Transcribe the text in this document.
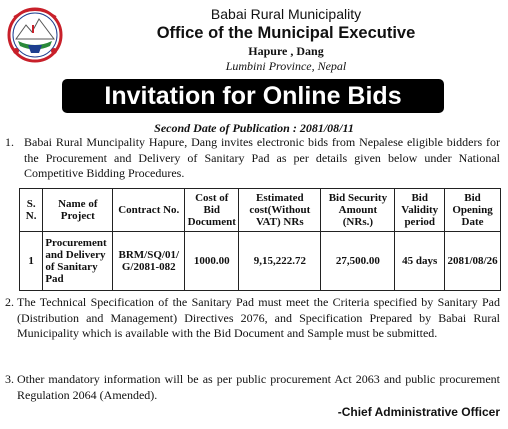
Babai Rural Municipality
Office of the Municipal Executive
Hapure , Dang
Lumbini Province, Nepal
Invitation for Online Bids
Second Date of Publication : 2081/08/11
1. Babai Rural Muncipality Hapure, Dang invites electronic bids from Nepalese eligible bidders for the Procurement and Delivery of Sanitary Pad as per details given below under National Competitive Bidding Procedures.
S. N.	Name of Project	Contract No.	Cost of Bid Document	Estimated cost(Without VAT) NRs	Bid Security Amount (NRs.)	Bid Validity period	Bid Opening Date
1	Procurement and Delivery of Sanitary Pad	BRM/SQ/01/ G/2081-082	1000.00	9,15,222.72	27,500.00	45 days	2081/08/26
2. The Technical Specification of the Sanitary Pad must meet the Criteria specified by Sanitary Pad (Distribution and Management) Directives 2076, and Specification Prepared by Babai Rural Municipality which is available with the Bid Document and Sample must be submitted.
3. Other mandatory information will be as per public procurement Act 2063 and public procurement Regulation 2064 (Amended).
-Chief Administrative Officer
